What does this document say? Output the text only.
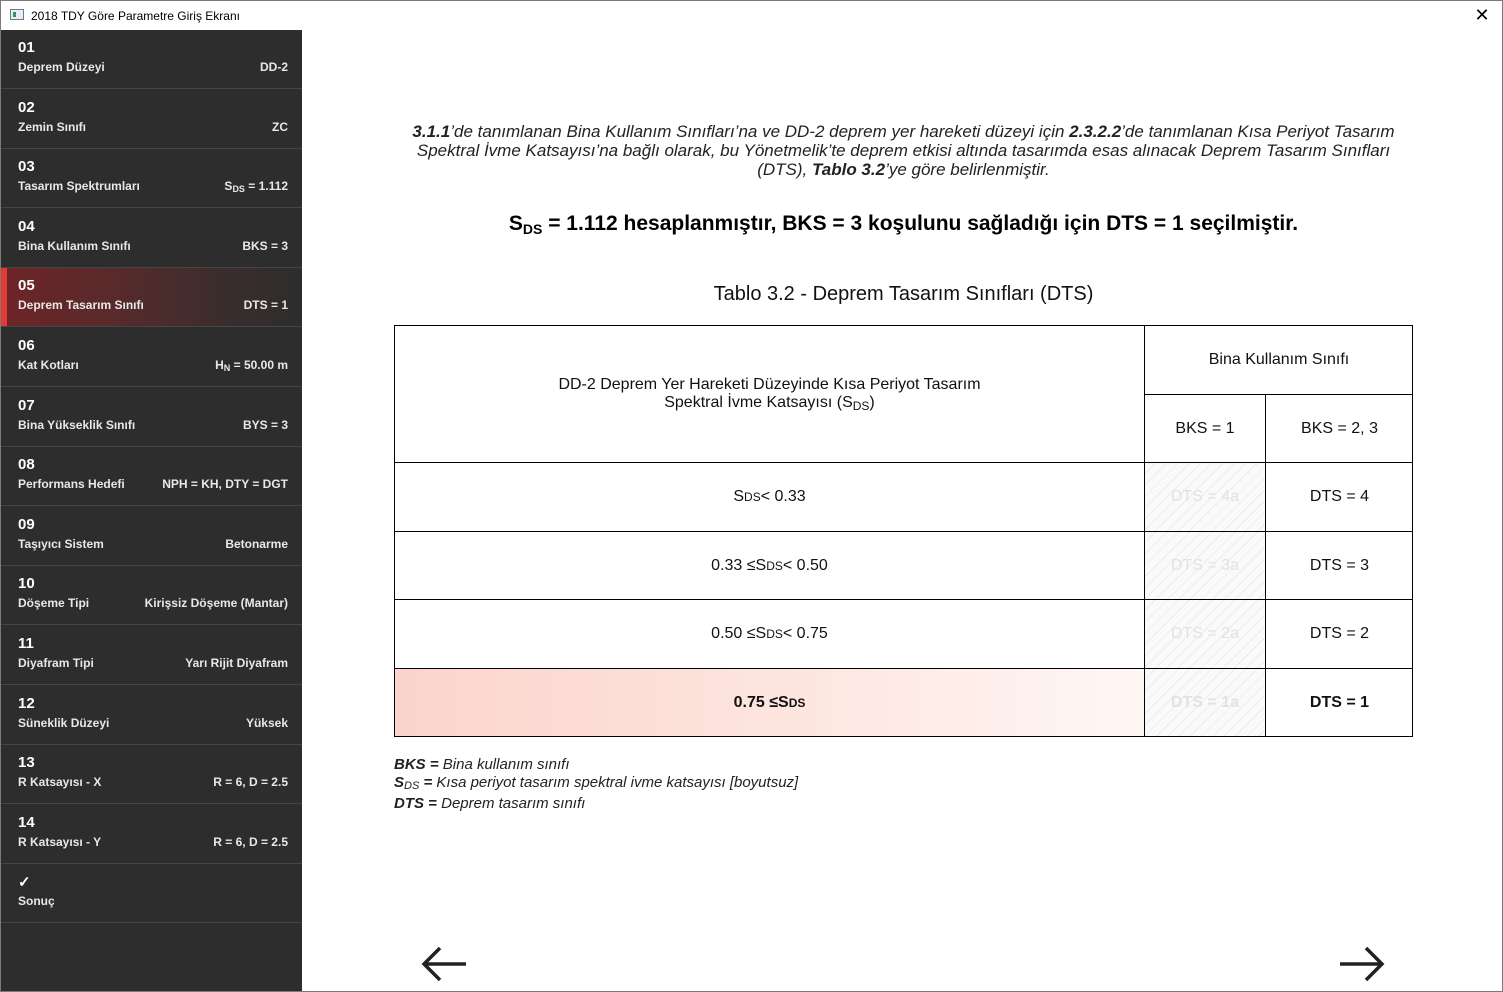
2018 TDY Göre Parametre Giriş Ekranı	✕
01
Deprem Düzeyi	DD-2
02
Zemin Sınıfı	ZC
03
Tasarım Spektrumları	$S_{DS} = 1.112$
04
Bina Kullanım Sınıfı	BKS = 3
05
Deprem Tasarım Sınıfı	DTS = 1
06
Kat Kotları	$H_N = 50.00$ m
07
Bina Yükseklik Sınıfı	BYS = 3
08
Performans Hedefi	NPH = KH, DTY = DGT
09
Taşıyıcı Sistem	Betonarme
10
Döşeme Tipi	Kirişsiz Döşeme (Mantar)
11
Diyafram Tipi	Yarı Rijit Diyafram
12
Süneklik Düzeyi	Yüksek
13
R Katsayısı - X	R = 6, D = 2.5
14
R Katsayısı - Y	R = 6, D = 2.5
✓
Sonuç
3.1.1’de tanımlanan Bina Kullanım Sınıfları’na ve DD-2 deprem yer hareketi düzeyi için 2.3.2.2’de tanımlanan Kısa Periyot Tasarım Spektral İvme Katsayısı’na bağlı olarak, bu Yönetmelik’te deprem etkisi altında tasarımda esas alınacak Deprem Tasarım Sınıfları (DTS), Tablo 3.2’ye göre belirlenmiştir.
$S_{DS} = 1.112$ hesaplanmıştır, BKS = 3 koşulunu sağladığı için DTS = 1 seçilmiştir.
Tablo 3.2 - Deprem Tasarım Sınıfları (DTS)
DD-2 Deprem Yer Hareketi Düzeyinde Kısa Periyot Tasarım
Spektral İvme Katsayısı $(S_{DS})$
Bina Kullanım Sınıfı
BKS = 1	BKS = 2, 3
S DS < 0.33	DTS = 4a	DTS = 4
0.33 ≤ S DS < 0.50	DTS = 3a	DTS = 3
0.50 ≤ S DS < 0.75	DTS = 2a	DTS = 2
0.75 ≤ S DS	DTS = 1a	DTS = 1
BKS = Bina kullanım sınıfı
$S_{DS}$ = Kısa periyot tasarım spektral ivme katsayısı [boyutsuz]
DTS = Deprem tasarım sınıfı
